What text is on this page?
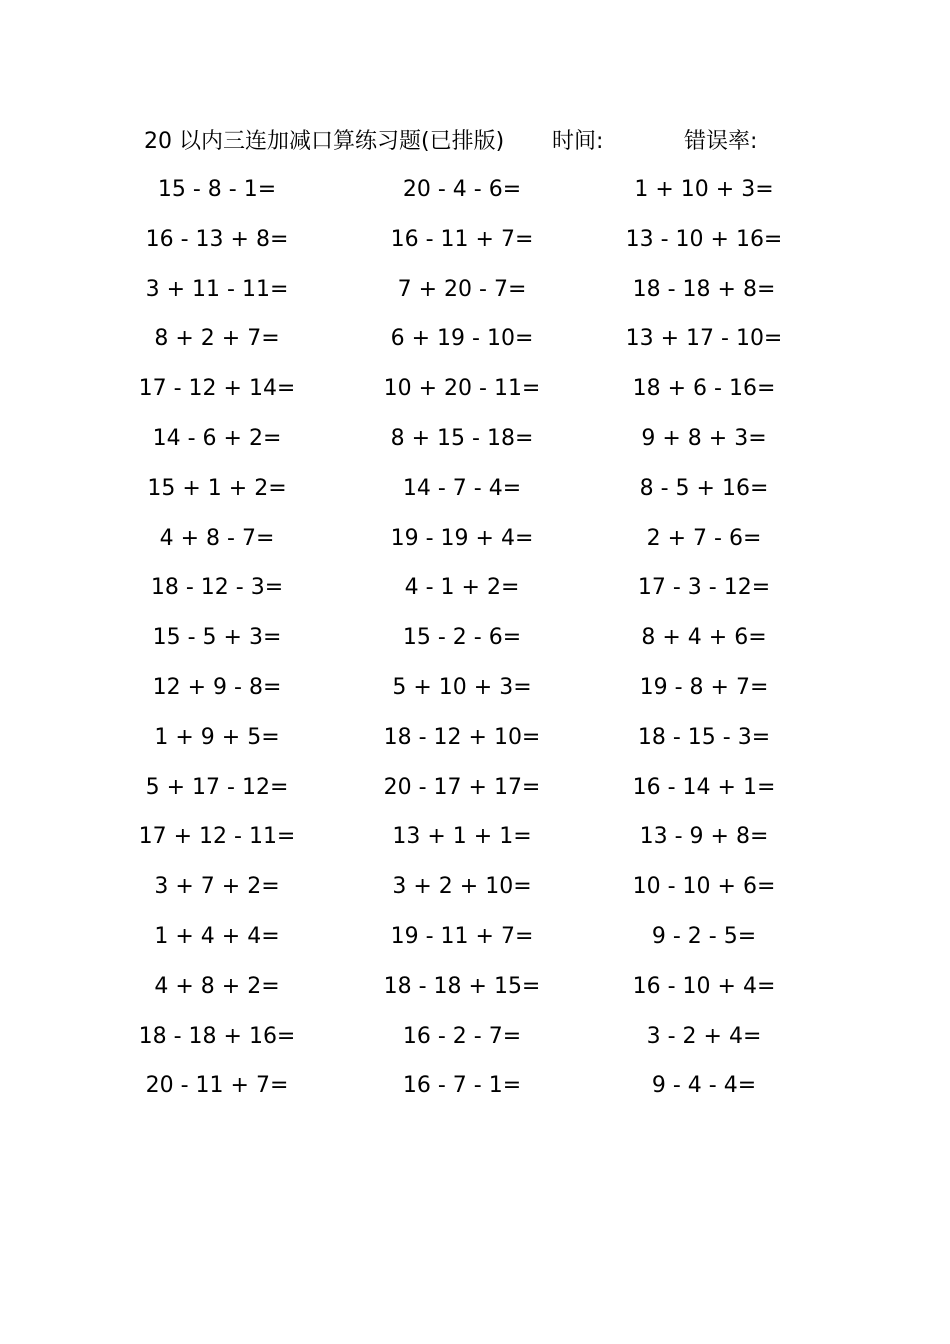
20 以内三连加减口算练习题(已排版) 时间:	错误率:
15 - 8 - 1=	20 - 4 - 6=	1 + 10 + 3=
16 - 13 + 8=	16 - 11 + 7=	13 - 10 + 16=
3 + 11 - 11=	7 + 20 - 7=	18 - 18 + 8=
8 + 2 + 7=	6 + 19 - 10=	13 + 17 - 10=
17 - 12 + 14=	10 + 20 - 11=	18 + 6 - 16=
14 - 6 + 2=	8 + 15 - 18=	9 + 8 + 3=
15 + 1 + 2=	14 - 7 - 4=	8 - 5 + 16=
4 + 8 - 7=	19 - 19 + 4=	2 + 7 - 6=
18 - 12 - 3=	4 - 1 + 2=	17 - 3 - 12=
15 - 5 + 3=	15 - 2 - 6=	8 + 4 + 6=
12 + 9 - 8=	5 + 10 + 3=	19 - 8 + 7=
1 + 9 + 5=	18 - 12 + 10=	18 - 15 - 3=
5 + 17 - 12=	20 - 17 + 17=	16 - 14 + 1=
17 + 12 - 11=	13 + 1 + 1=	13 - 9 + 8=
3 + 7 + 2=	3 + 2 + 10=	10 - 10 + 6=
1 + 4 + 4=	19 - 11 + 7=	9 - 2 - 5=
4 + 8 + 2=	18 - 18 + 15=	16 - 10 + 4=
18 - 18 + 16=	16 - 2 - 7=	3 - 2 + 4=
20 - 11 + 7=	16 - 7 - 1=	9 - 4 - 4=
